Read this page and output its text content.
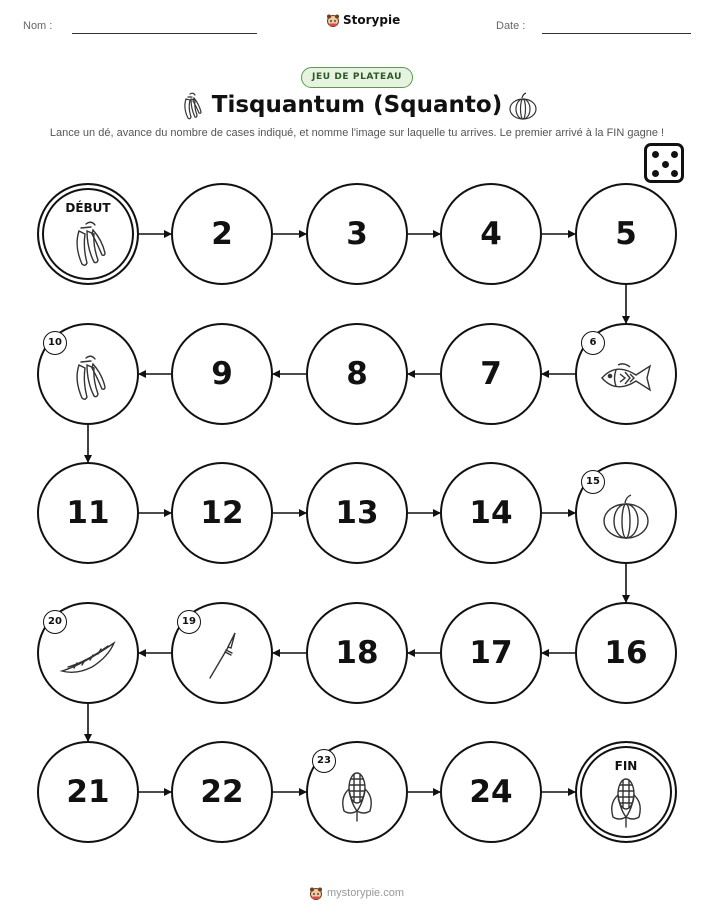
Nom :	Date :
Storypie
JEU DE PLATEAU
Tisquantum (Squanto)
Lance un dé, avance du nombre de cases indiqué, et nomme l'image sur laquelle tu arrives. Le premier arrivé à la FIN gagne !
DÉBUT
2	3	4	5
6
7
8
9
10
11	12	13	14
15
16
17
18
19
20
21	22
23
24
FIN
mystorypie.com
